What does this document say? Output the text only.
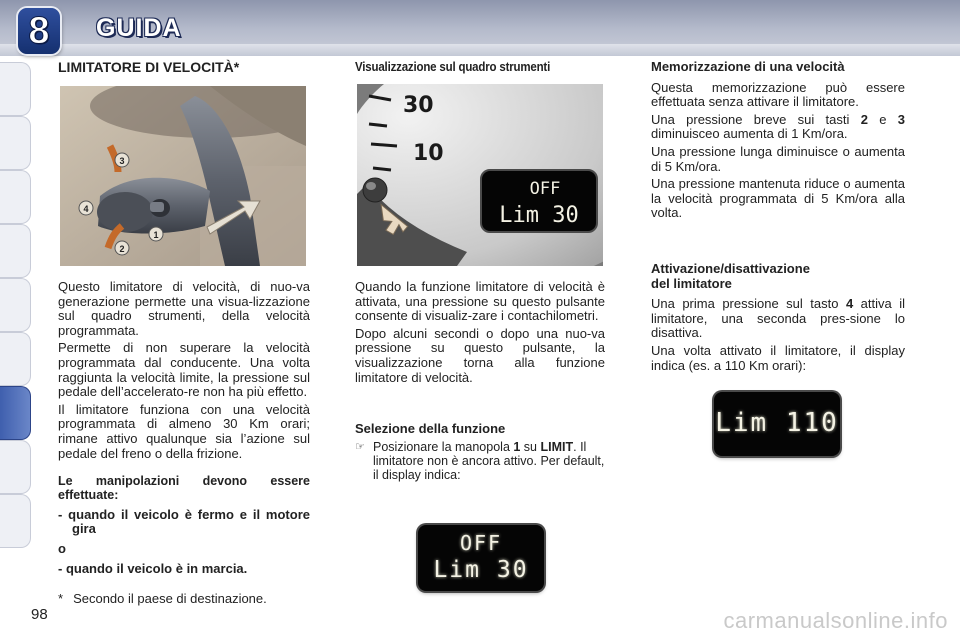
8 GUIDA

LIMITATORE DI VELOCITÀ*

3
4
2
1

Questo limitatore di velocità, di nuo-va generazione permette una visua-lizzazione sul quadro strumenti, della velocità programmata.

Permette di non superare la velocità programmata dal conducente. Una volta raggiunta la velocità limite, la pressione sul pedale dell’accelerato-re non ha più effetto.

Il limitatore funziona con una velocità programmata di almeno 30 Km orari; rimane attivo qualunque sia l’azione sul pedale del freno o della frizione.

Le manipolazioni devono essere effettuate:

- quando il veicolo è fermo e il motore gira

o

- quando il veicolo è in marcia.

* Secondo il paese di destinazione.

Visualizzazione sul quadro strumenti

30
10
OFF
Lim 30

Quando la funzione limitatore di velocità è attivata, una pressione su questo pulsante consente di visualiz-zare i contachilometri.

Dopo alcuni secondi o dopo una nuo-va pressione su questo pulsante, la visualizzazione torna alla funzione limitatore di velocità.

Selezione della funzione

☞ Posizionare la manopola 1 su LIMIT. Il limitatore non è ancora attivo. Per default, il display indica:
OFF
Lim 30

Memorizzazione di una velocità

Questa memorizzazione può essere effettuata senza attivare il limitatore.

Una pressione breve sui tasti 2 e 3 diminuisceo aumenta di 1 Km/ora.

Una pressione lunga diminuisce o aumenta di 5 Km/ora.

Una pressione mantenuta riduce o aumenta la velocità programmata di 5 Km/ora alla volta.

Attivazione/disattivazione

del limitatore

Una prima pressione sul tasto 4 attiva il limitatore, una seconda pres-sione lo disattiva.

Una volta attivato il limitatore, il display indica (es. a 110 Km orari):

Lim 110
98	carmanualsonline.info
